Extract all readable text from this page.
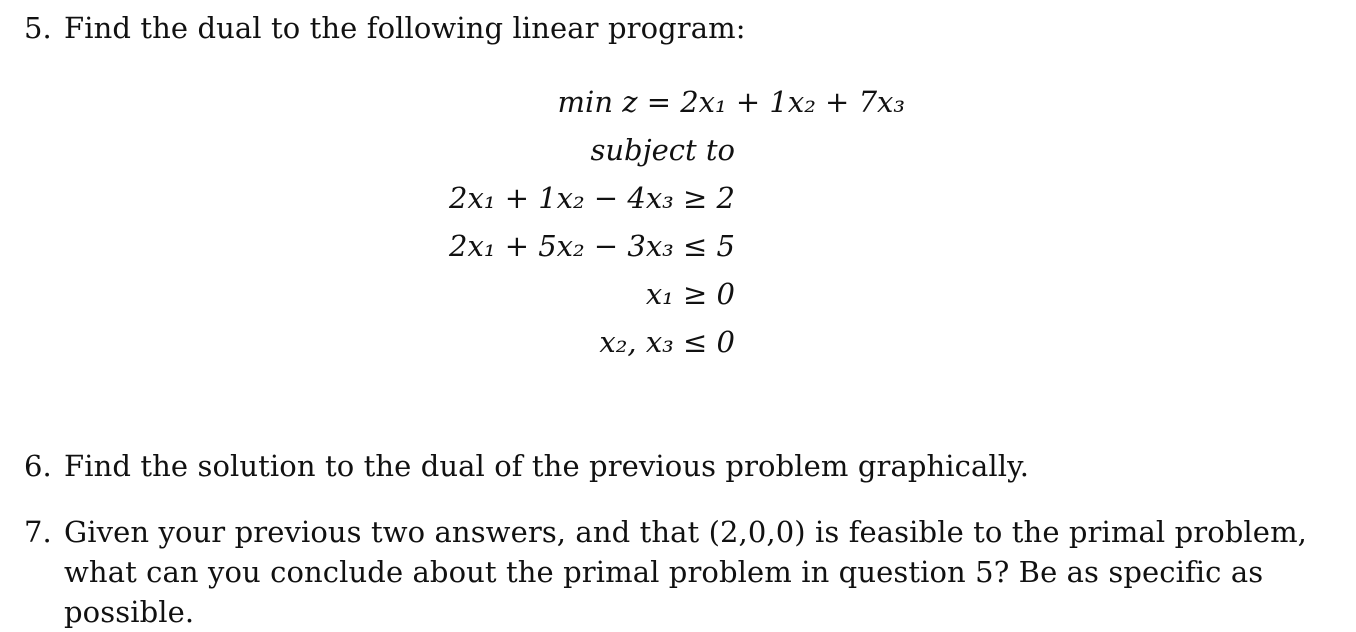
5. Find the dual to the following linear program:
min z = 2x₁ + 1x₂ + 7x₃
subject to
2x₁ + 1x₂ − 4x₃ ≥ 2
2x₁ + 5x₂ − 3x₃ ≤ 5
x₁ ≥ 0
x₂, x₃ ≤ 0
6. Find the solution to the dual of the previous problem graphically.
7. Given your previous two answers, and that (2,0,0) is feasible to the primal problem, what can you conclude about the primal problem in question 5? Be as specific as possible.
